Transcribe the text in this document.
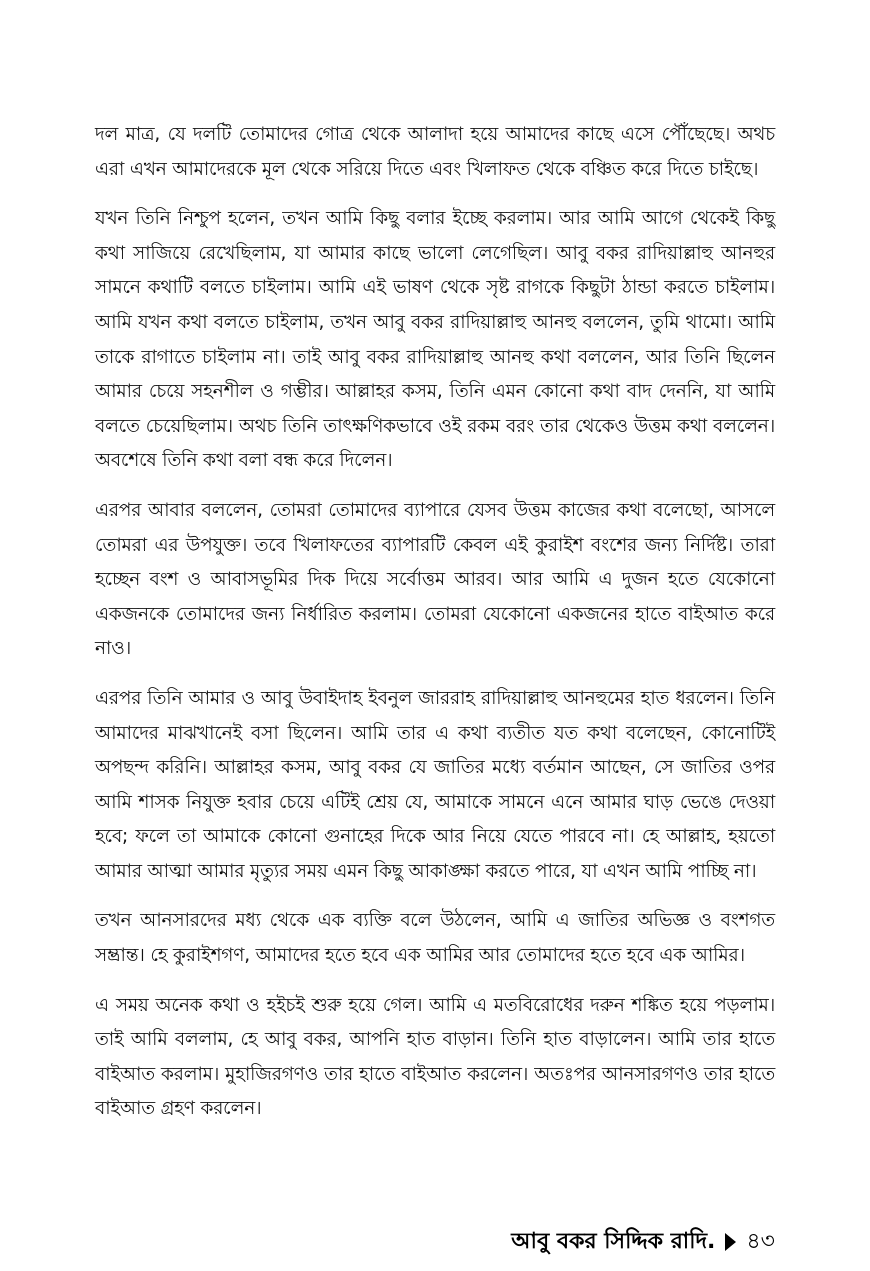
দল মাত্র, যে দলটি তোমাদের গোত্র থেকে আলাদা হয়ে আমাদের কাছে এসে পৌঁছেছে। অথচ এরা এখন আমাদেরকে মূল থেকে সরিয়ে দিতে এবং খিলাফত থেকে বঞ্চিত করে দিতে চাইছে।

যখন তিনি নিশ্চুপ হলেন, তখন আমি কিছু বলার ইচ্ছে করলাম। আর আমি আগে থেকেই কিছু কথা সাজিয়ে রেখেছিলাম, যা আমার কাছে ভালো লেগেছিল। আবু বকর রাদিয়াল্লাহু আনহুর সামনে কথাটি বলতে চাইলাম। আমি এই ভাষণ থেকে সৃষ্ট রাগকে কিছুটা ঠান্ডা করতে চাইলাম। আমি যখন কথা বলতে চাইলাম, তখন আবু বকর রাদিয়াল্লাহু আনহু বললেন, তুমি থামো। আমি তাকে রাগাতে চাইলাম না। তাই আবু বকর রাদিয়াল্লাহু আনহু কথা বললেন, আর তিনি ছিলেন আমার চেয়ে সহনশীল ও গম্ভীর। আল্লাহর কসম, তিনি এমন কোনো কথা বাদ দেননি, যা আমি বলতে চেয়েছিলাম। অথচ তিনি তাৎক্ষণিকভাবে ওই রকম বরং তার থেকেও উত্তম কথা বললেন। অবশেষে তিনি কথা বলা বন্ধ করে দিলেন।

এরপর আবার বললেন, তোমরা তোমাদের ব্যাপারে যেসব উত্তম কাজের কথা বলেছো, আসলে তোমরা এর উপযুক্ত। তবে খিলাফতের ব্যাপারটি কেবল এই কুরাইশ বংশের জন্য নির্দিষ্ট। তারা হচ্ছেন বংশ ও আবাসভূমির দিক দিয়ে সর্বোত্তম আরব। আর আমি এ দুজন হতে যেকোনো একজনকে তোমাদের জন্য নির্ধারিত করলাম। তোমরা যেকোনো একজনের হাতে বাইআত করে নাও।

এরপর তিনি আমার ও আবু উবাইদাহ ইবনুল জাররাহ রাদিয়াল্লাহু আনহুমের হাত ধরলেন। তিনি আমাদের মাঝখানেই বসা ছিলেন। আমি তার এ কথা ব্যতীত যত কথা বলেছেন, কোনোটিই অপছন্দ করিনি। আল্লাহর কসম, আবু বকর যে জাতির মধ্যে বর্তমান আছেন, সে জাতির ওপর আমি শাসক নিযুক্ত হবার চেয়ে এটিই শ্রেয় যে, আমাকে সামনে এনে আমার ঘাড় ভেঙে দেওয়া হবে; ফলে তা আমাকে কোনো গুনাহের দিকে আর নিয়ে যেতে পারবে না। হে আল্লাহ, হয়তো আমার আত্মা আমার মৃত্যুর সময় এমন কিছু আকাঙ্ক্ষা করতে পারে, যা এখন আমি পাচ্ছি না।

তখন আনসারদের মধ্য থেকে এক ব্যক্তি বলে উঠলেন, আমি এ জাতির অভিজ্ঞ ও বংশগত সম্ভ্রান্ত। হে কুরাইশগণ, আমাদের হতে হবে এক আমির আর তোমাদের হতে হবে এক আমির।

এ সময় অনেক কথা ও হইচই শুরু হয়ে গেল। আমি এ মতবিরোধের দরুন শঙ্কিত হয়ে পড়লাম। তাই আমি বললাম, হে আবু বকর, আপনি হাত বাড়ান। তিনি হাত বাড়ালেন। আমি তার হাতে বাইআত করলাম। মুহাজিরগণও তার হাতে বাইআত করলেন। অতঃপর আনসারগণও তার হাতে বাইআত গ্রহণ করলেন।

আবু বকর সিদ্দিক রাদি. ৪৩
